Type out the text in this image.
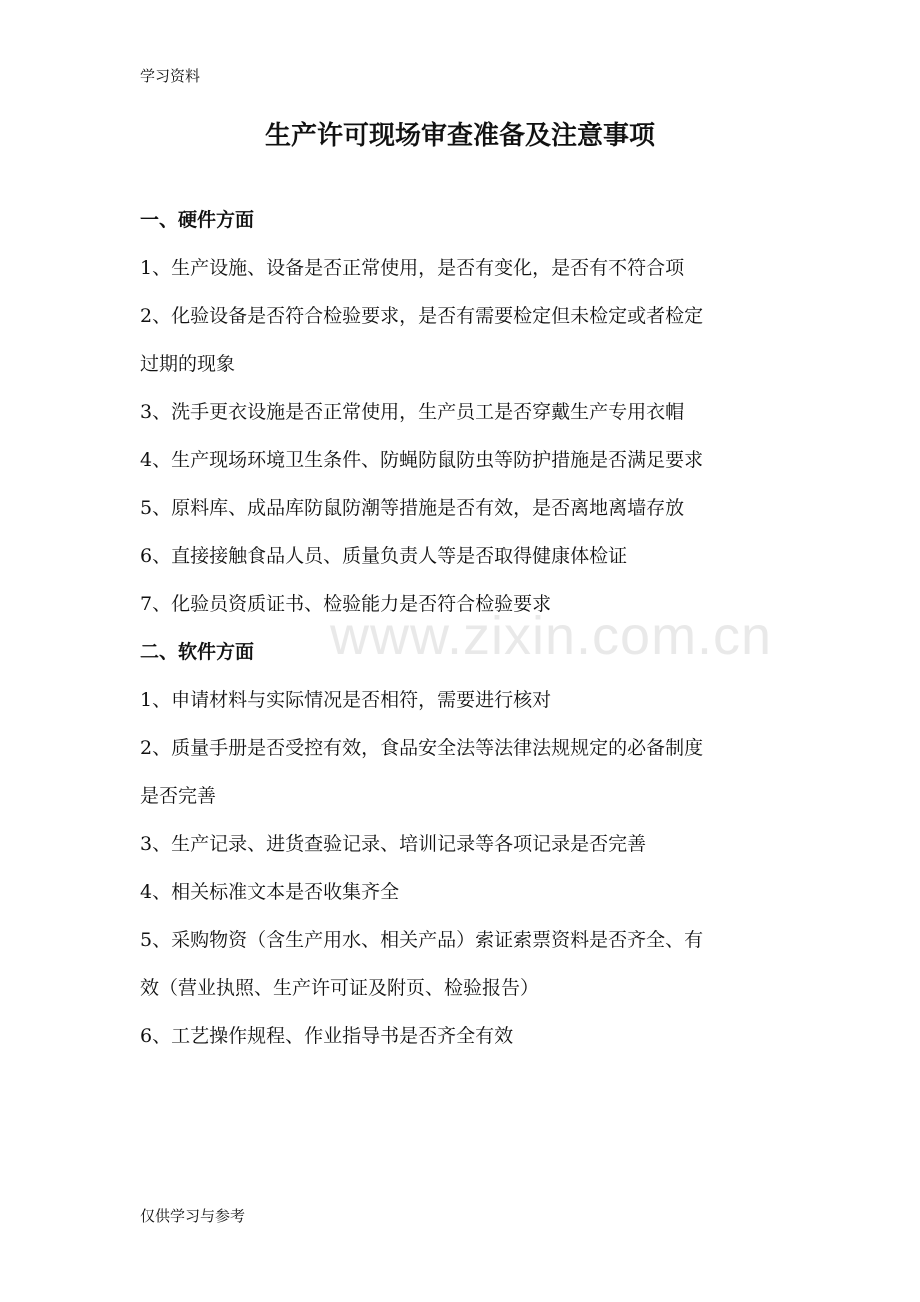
学习资料
生产许可现场审查准备及注意事项
一、硬件方面

1、生产设施、设备是否正常使用，是否有变化，是否有不符合项

2、化验设备是否符合检验要求，是否有需要检定但未检定或者检定

过期的现象

3、洗手更衣设施是否正常使用，生产员工是否穿戴生产专用衣帽

4、生产现场环境卫生条件、防蝇防鼠防虫等防护措施是否满足要求

5、原料库、成品库防鼠防潮等措施是否有效，是否离地离墙存放

6、直接接触食品人员、质量负责人等是否取得健康体检证

7、化验员资质证书、检验能力是否符合检验要求

二、软件方面

1、申请材料与实际情况是否相符，需要进行核对

2、质量手册是否受控有效，食品安全法等法律法规规定的必备制度

是否完善

3、生产记录、进货查验记录、培训记录等各项记录是否完善

4、相关标准文本是否收集齐全

5、采购物资（含生产用水、相关产品）索证索票资料是否齐全、有

效（营业执照、生产许可证及附页、检验报告）

6、工艺操作规程、作业指导书是否齐全有效

www.zixin.com.cn
仅供学习与参考
